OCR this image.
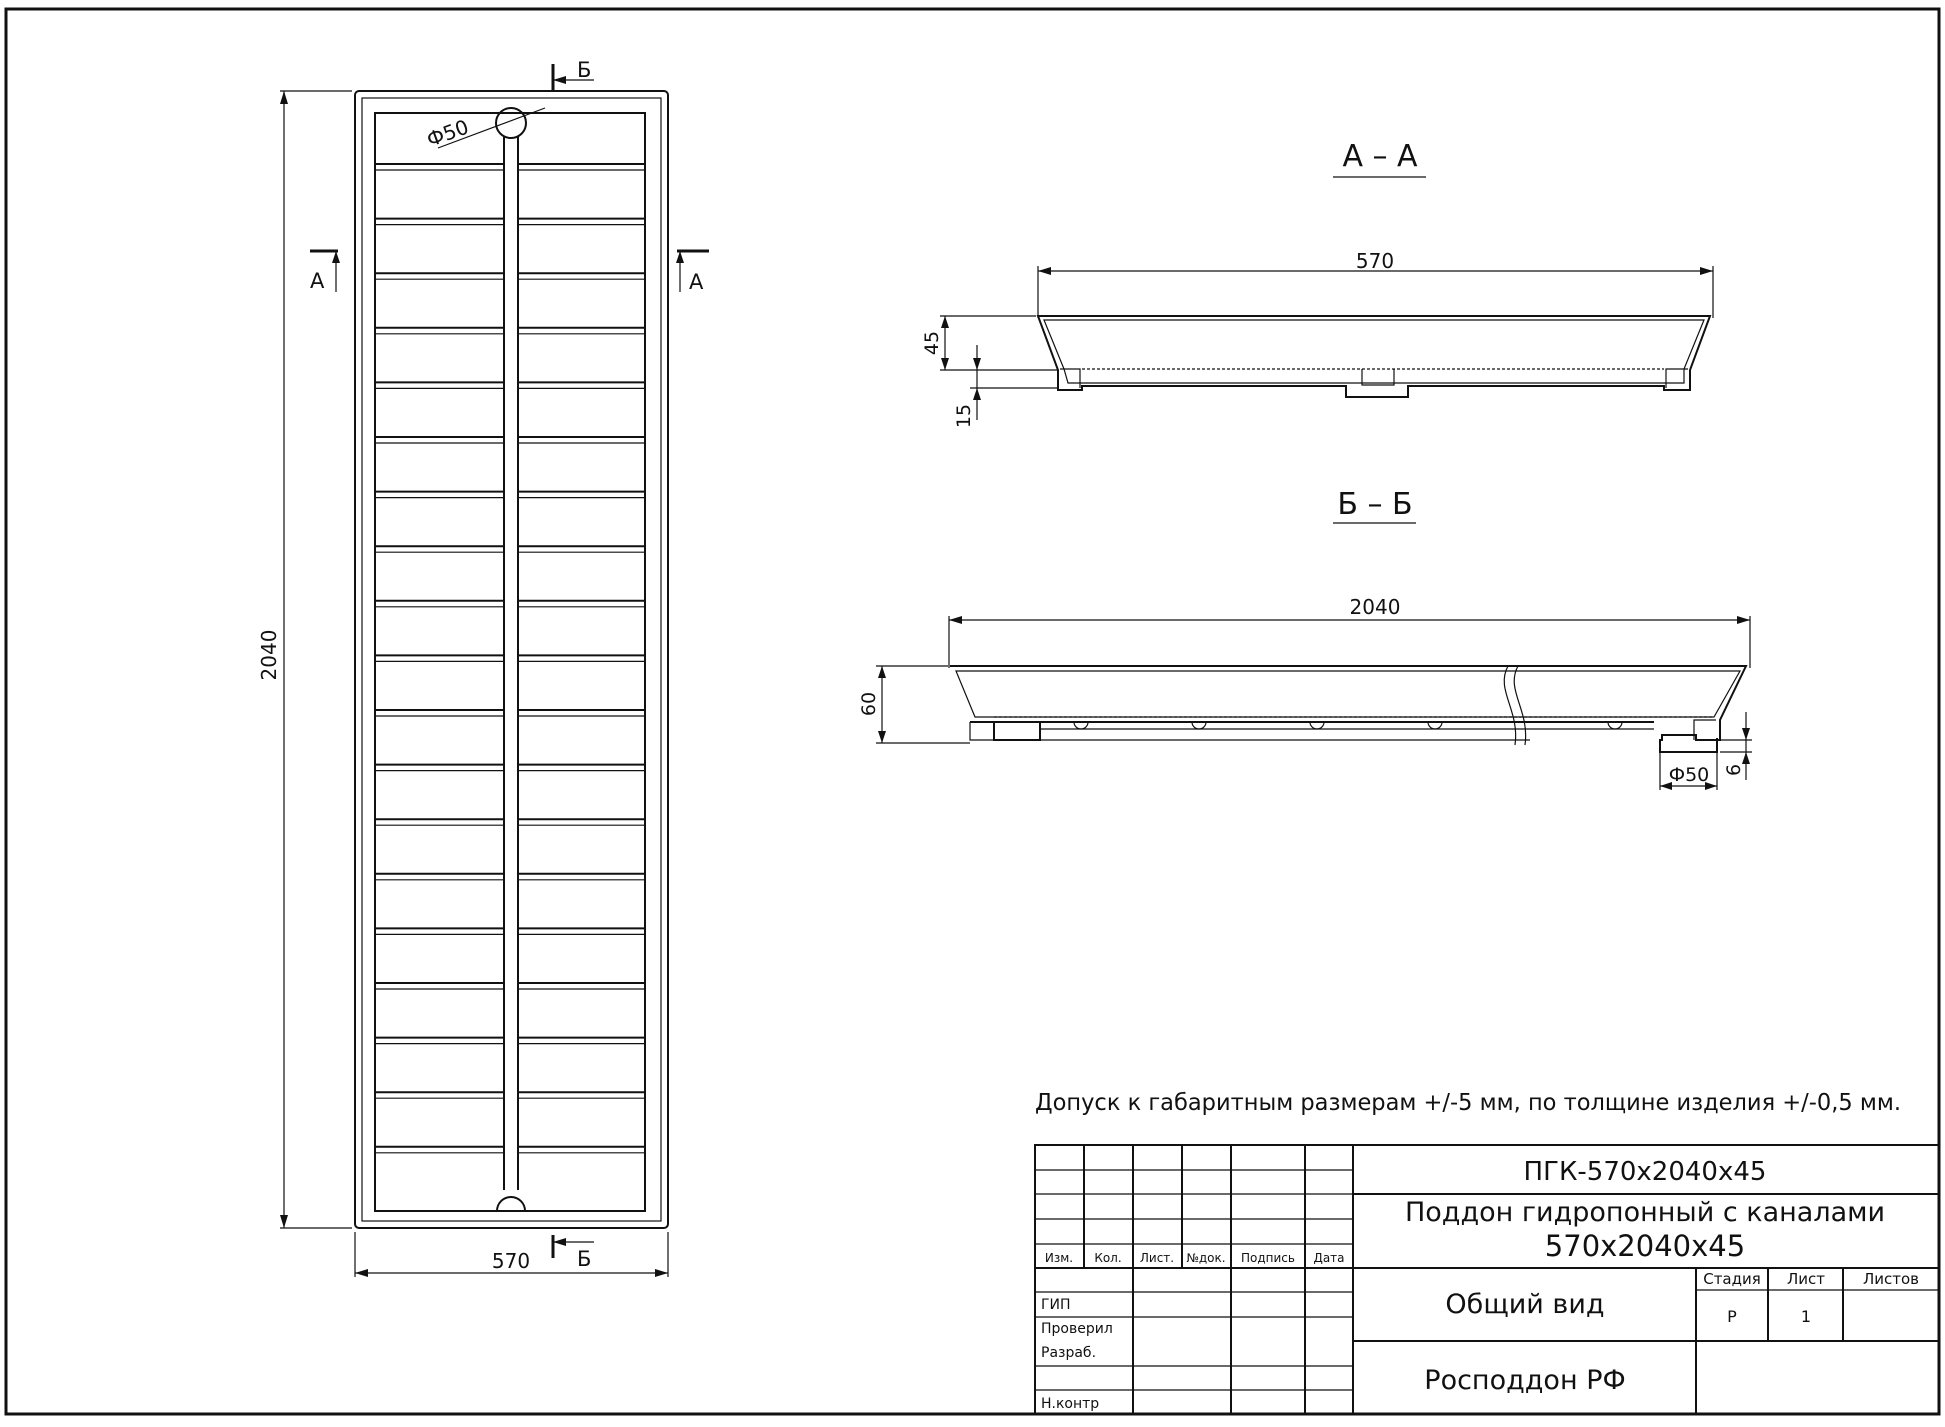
Ф50
2040
570
А	А
Б
Б
А – А
570
45
15
Б – Б
2040
60
Ф50 6
Допуск к габаритным размерам +/-5 мм, по толщине изделия +/-0,5 мм.
Изм. Кол. Лист. №док. Подпись Дата
ГИП
Проверил
Разраб.
Н.контр
ПГК-570х2040х45
Поддон гидропонный с каналами
570х2040х45
Общий вид
Росподдон РФ
Стадия Лист	Листов
Р	1
